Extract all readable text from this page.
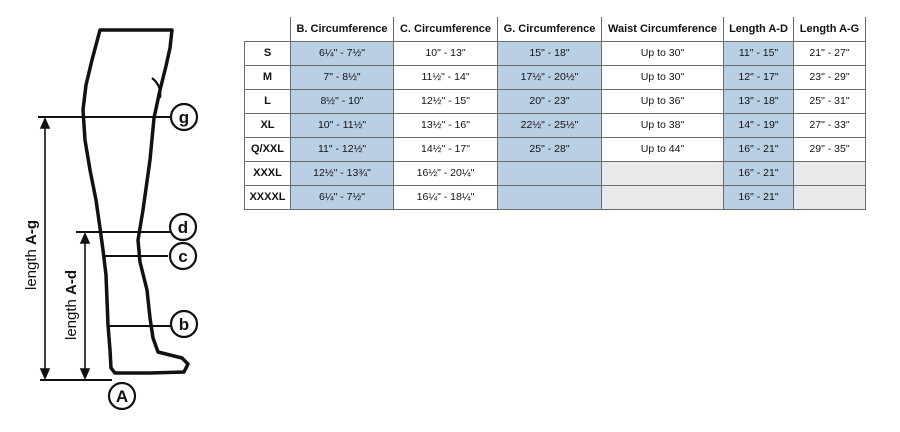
length A-g
length A-d
g
d
c
b
A
	B. Circumference	C. Circumference	G. Circumference	Waist Circumference	Length A-D	Length A-G
S	6¼" - 7½"	10" - 13"	15" - 18"	Up to 30"	11" - 15"	21" - 27"
M	7" - 8½"	11½" - 14"	17½" - 20½"	Up to 30"	12" - 17"	23" - 29"
L	8½" - 10"	12½" - 15"	20" - 23"	Up to 36"	13" - 18"	25" - 31"
XL	10" - 11½"	13½" - 16"	22½" - 25½"	Up to 38"	14" - 19"	27" - 33"
Q/XXL	11" - 12½"	14½" - 17"	25" - 28"	Up to 44"	16" - 21"	29" - 35"
XXXL	12½" - 13¾"	16½" - 20¼"			16" - 21"	
XXXXL	6¼" - 7½"	16¼" - 18¼"			16" - 21"	
